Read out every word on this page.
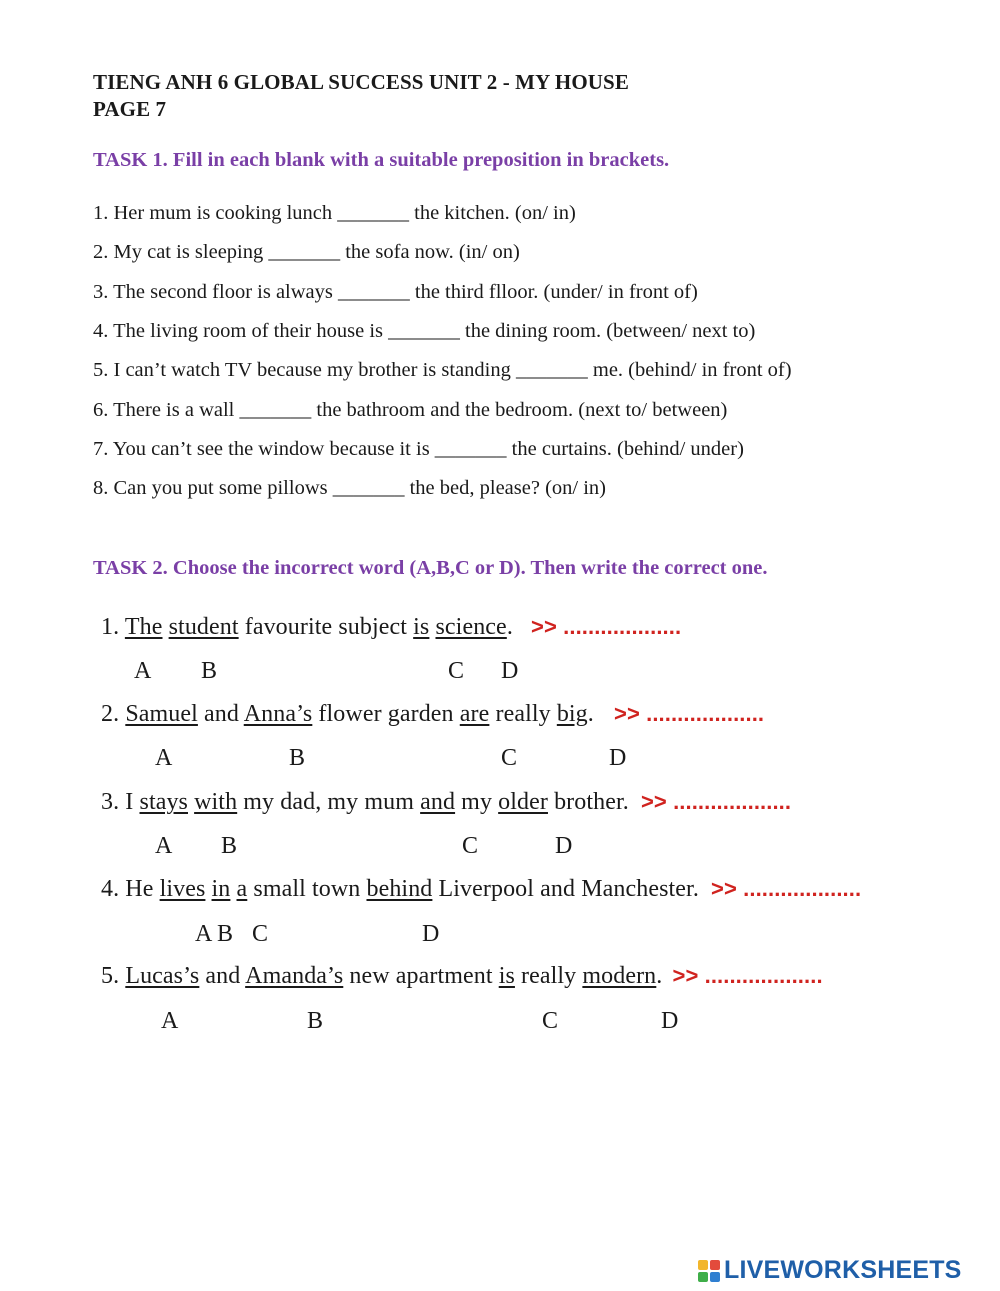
TIENG ANH 6 GLOBAL SUCCESS UNIT 2 - MY HOUSE
PAGE 7
TASK 1. Fill in each blank with a suitable preposition in brackets.
1. Her mum is cooking lunch _______ the kitchen. (on/ in)
2. My cat is sleeping _______ the sofa now. (in/ on)
3. The second floor is always _______ the third flloor. (under/ in front of)
4. The living room of their house is _______ the dining room. (between/ next to)
5. I can’t watch TV because my brother is standing _______ me. (behind/ in front of)
6. There is a wall _______ the bathroom and the bedroom. (next to/ between)
7. You can’t see the window because it is _______ the curtains. (behind/ under)
8. Can you put some pillows _______ the bed, please? (on/ in)
TASK 2. Choose the incorrect word (A,B,C or D). Then write the correct one.
1. The student favourite subject is science. >> ...................
A B	C D
2. Samuel and Anna’s flower garden are really big. >> ...................
A	B	C	D
3. I stays with my dad, my mum and my older brother. >> ...................
A B	C	D
4. He lives in a small town behind Liverpool and Manchester. >> ...................
A B C	D
5. Lucas’s and Amanda’s new apartment is really modern. >> ...................
A	B	C	D
LIVEWORKSHEETS
